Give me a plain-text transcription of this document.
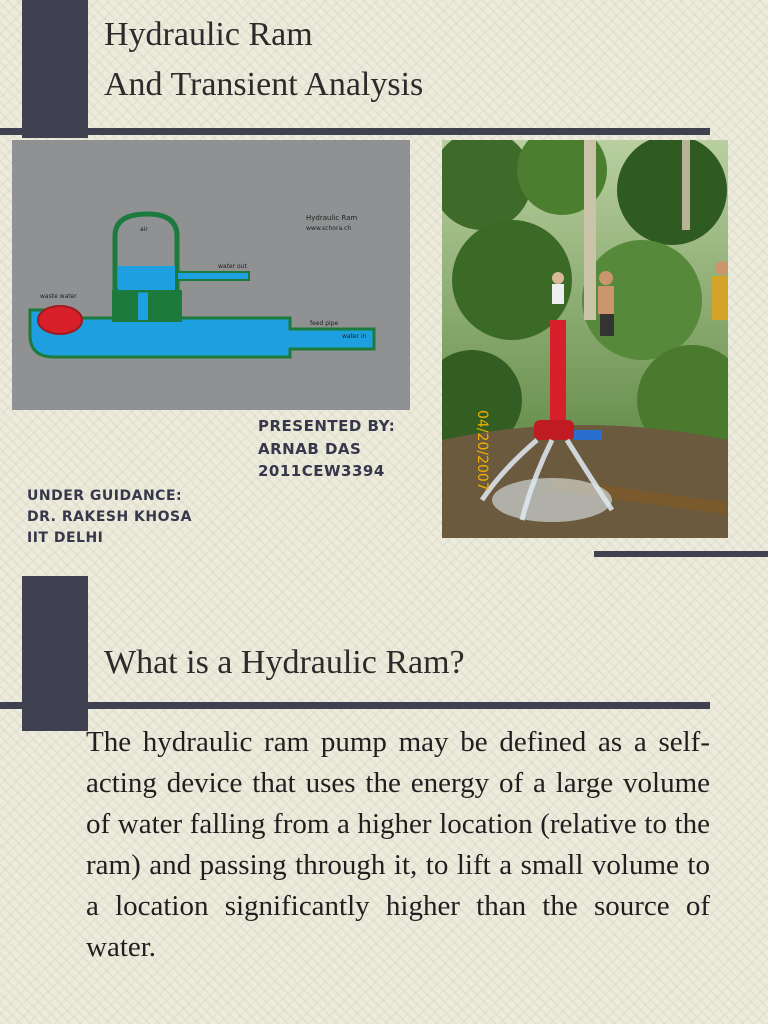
Hydraulic Ram
And Transient Analysis
Hydraulic Ram
www.schora.ch
air
water out
waste water
feed pipe
water in
04/20/2007
PRESENTED BY:
ARNAB DAS
2011CEW3394
UNDER GUIDANCE:
DR. RAKESH KHOSA
IIT DELHI
What is a Hydraulic Ram?
The hydraulic ram pump may be defined as a self-acting device that uses the energy of a large volume of water falling from a higher location (relative to the ram) and passing through it, to lift a small volume to a location significantly higher than the source of water.
